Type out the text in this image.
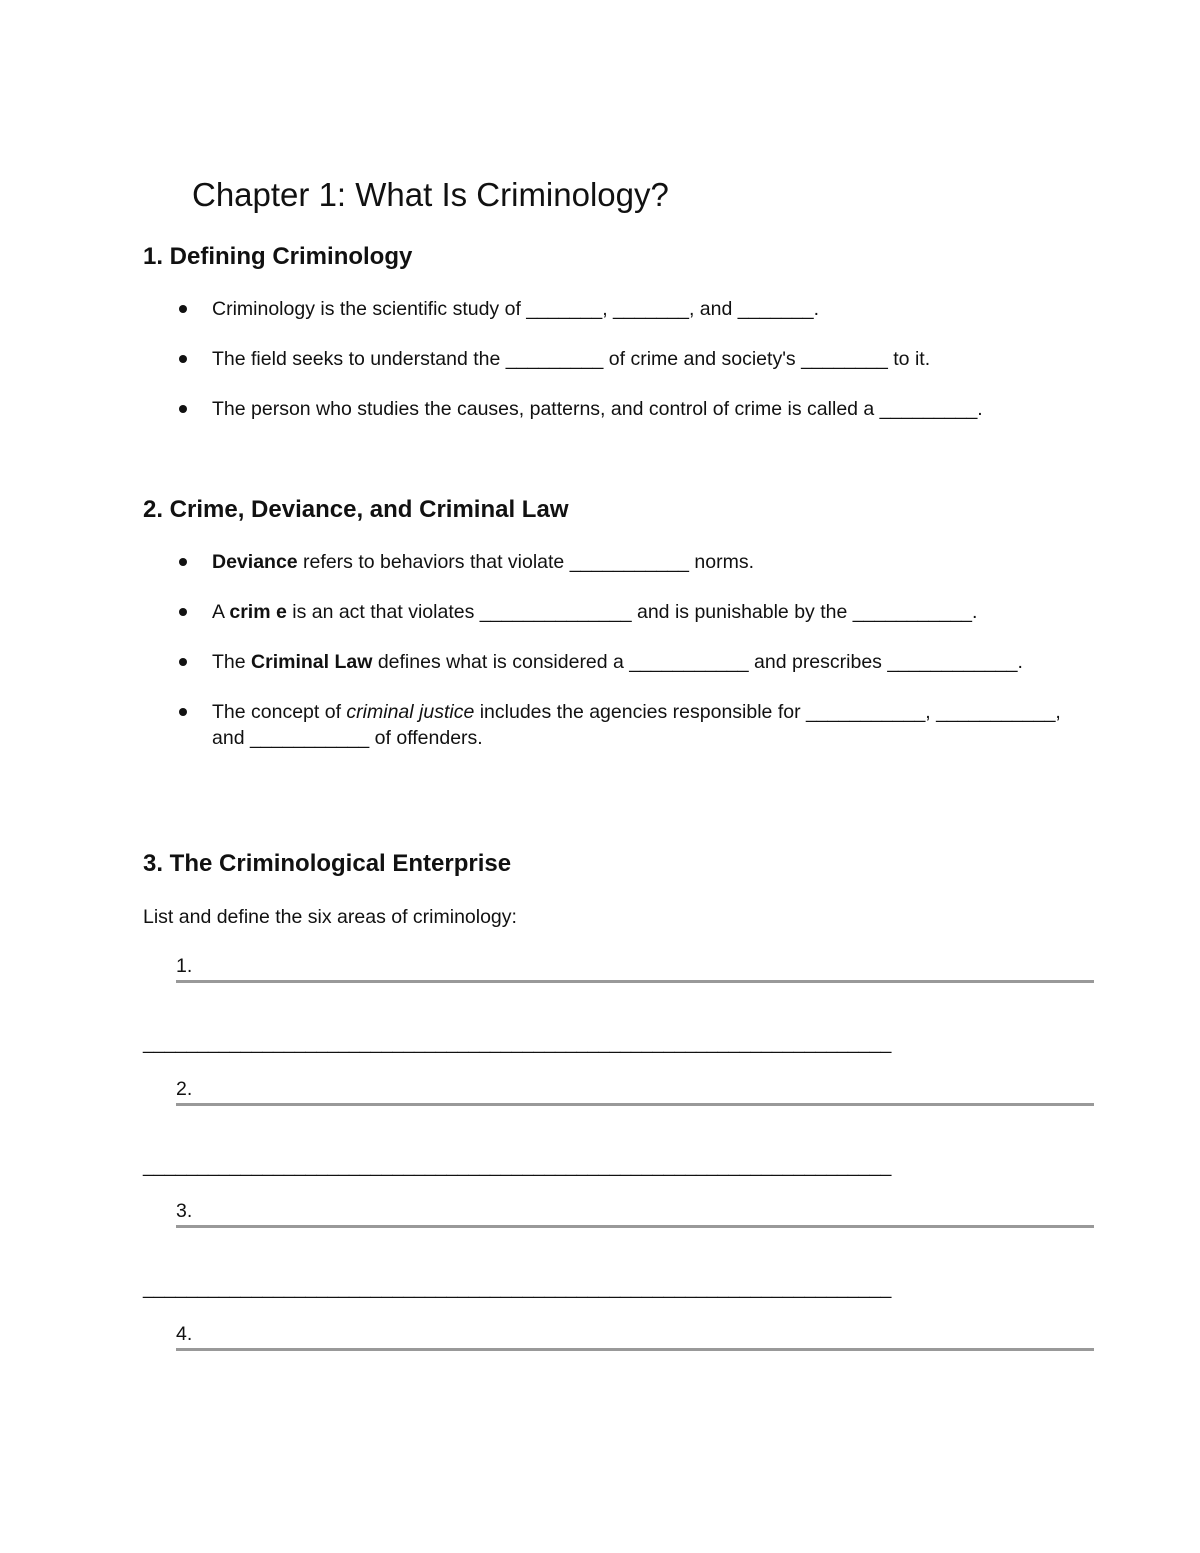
Chapter 1: What Is Criminology?
1. Defining Criminology
Criminology is the scientific study of _______, _______, and _______.
The field seeks to understand the _________ of crime and society's ________ to it.
The person who studies the causes, patterns, and control of crime is called a _________.
2. Crime, Deviance, and Criminal Law
Deviance refers to behaviors that violate ___________ norms.
A crim e is an act that violates ______________ and is punishable by the ___________.
The Criminal Law defines what is considered a ___________ and prescribes ____________.
The concept of criminal justice includes the agencies responsible for ___________, ___________, and ___________ of offenders.
3. The Criminological Enterprise
List and define the six areas of criminology:
1.
_____________________________________________________________________
2.
_____________________________________________________________________
3.
_____________________________________________________________________
4.
